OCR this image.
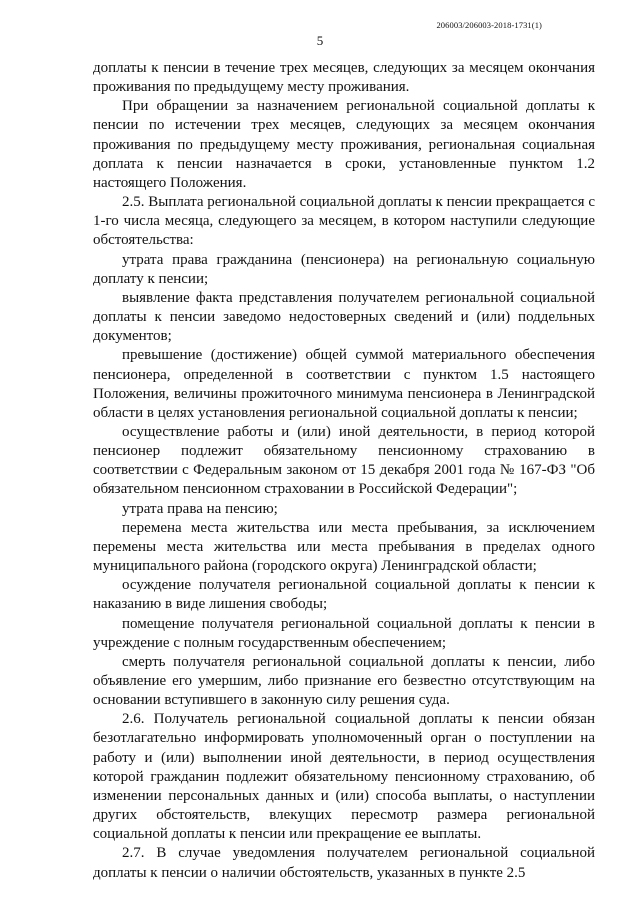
206003/206003-2018-1731(1)
5

доплаты к пенсии в течение трех месяцев, следующих за месяцем окончания проживания по предыдущему месту проживания.

При обращении за назначением региональной социальной доплаты к пенсии по истечении трех месяцев, следующих за месяцем окончания проживания по предыдущему месту проживания, региональная социальная доплата к пенсии назначается в сроки, установленные пунктом 1.2 настоящего Положения.

2.5. Выплата региональной социальной доплаты к пенсии прекращается с 1-го числа месяца, следующего за месяцем, в котором наступили следующие обстоятельства:

утрата права гражданина (пенсионера) на региональную социальную доплату к пенсии;

выявление факта представления получателем региональной социальной доплаты к пенсии заведомо недостоверных сведений и (или) поддельных документов;

превышение (достижение) общей суммой материального обеспечения пенсионера, определенной в соответствии с пунктом 1.5 настоящего Положения, величины прожиточного минимума пенсионера в Ленинградской области в целях установления региональной социальной доплаты к пенсии;

осуществление работы и (или) иной деятельности, в период которой пенсионер подлежит обязательному пенсионному страхованию в соответствии с Федеральным законом от 15 декабря 2001 года № 167-ФЗ "Об обязательном пенсионном страховании в Российской Федерации";

утрата права на пенсию;

перемена места жительства или места пребывания, за исключением перемены места жительства или места пребывания в пределах одного муниципального района (городского округа) Ленинградской области;

осуждение получателя региональной социальной доплаты к пенсии к наказанию в виде лишения свободы;

помещение получателя региональной социальной доплаты к пенсии в учреждение с полным государственным обеспечением;

смерть получателя региональной социальной доплаты к пенсии, либо объявление его умершим, либо признание его безвестно отсутствующим на основании вступившего в законную силу решения суда.

2.6. Получатель региональной социальной доплаты к пенсии обязан безотлагательно информировать уполномоченный орган о поступлении на работу и (или) выполнении иной деятельности, в период осуществления которой гражданин подлежит обязательному пенсионному страхованию, об изменении персональных данных и (или) способа выплаты, о наступлении других обстоятельств, влекущих пересмотр размера региональной социальной доплаты к пенсии или прекращение ее выплаты.

2.7. В случае уведомления получателем региональной социальной доплаты к пенсии о наличии обстоятельств, указанных в пункте 2.5
